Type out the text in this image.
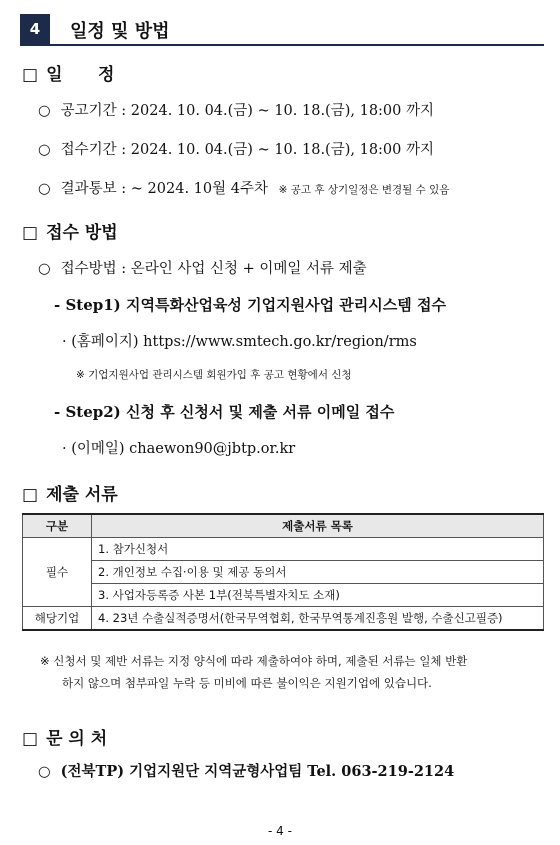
4	일정 및 방법
□ 일      정
○ 공고기간 : 2024. 10. 04.(금) ~ 10. 18.(금), 18:00 까지
○ 접수기간 : 2024. 10. 04.(금) ~ 10. 18.(금), 18:00 까지
○ 결과통보 : ~ 2024. 10월 4주차 ※ 공고 후 상기일정은 변경될 수 있음
□ 접수 방법
○ 접수방법 : 온라인 사업 신청 + 이메일 서류 제출
- Step1) 지역특화산업육성 기업지원사업 관리시스템 접수
· (홈페이지) https://www.smtech.go.kr/region/rms
※ 기업지원사업 관리시스템 회원가입 후 공고 현황에서 신청
- Step2) 신청 후 신청서 및 제출 서류 이메일 접수
· (이메일) chaewon90@jbtp.or.kr
□ 제출 서류
구분	제출서류 목록
필수	1. 참가신청서
	2. 개인정보 수집·이용 및 제공 동의서
	3. 사업자등록증 사본 1부(전북특별자치도 소재)
해당기업	4. 23년 수출실적증명서(한국무역협회, 한국무역통계진흥원 발행, 수출신고필증)
※ 신청서 및 제반 서류는 지정 양식에 따라 제출하여야 하며, 제출된 서류는 일체 반환
하지 않으며 첨부파일 누락 등 미비에 따른 불이익은 지원기업에 있습니다.
□ 문 의 처
○ (전북TP) 기업지원단 지역균형사업팀 Tel. 063-219-2124
- 4 -
